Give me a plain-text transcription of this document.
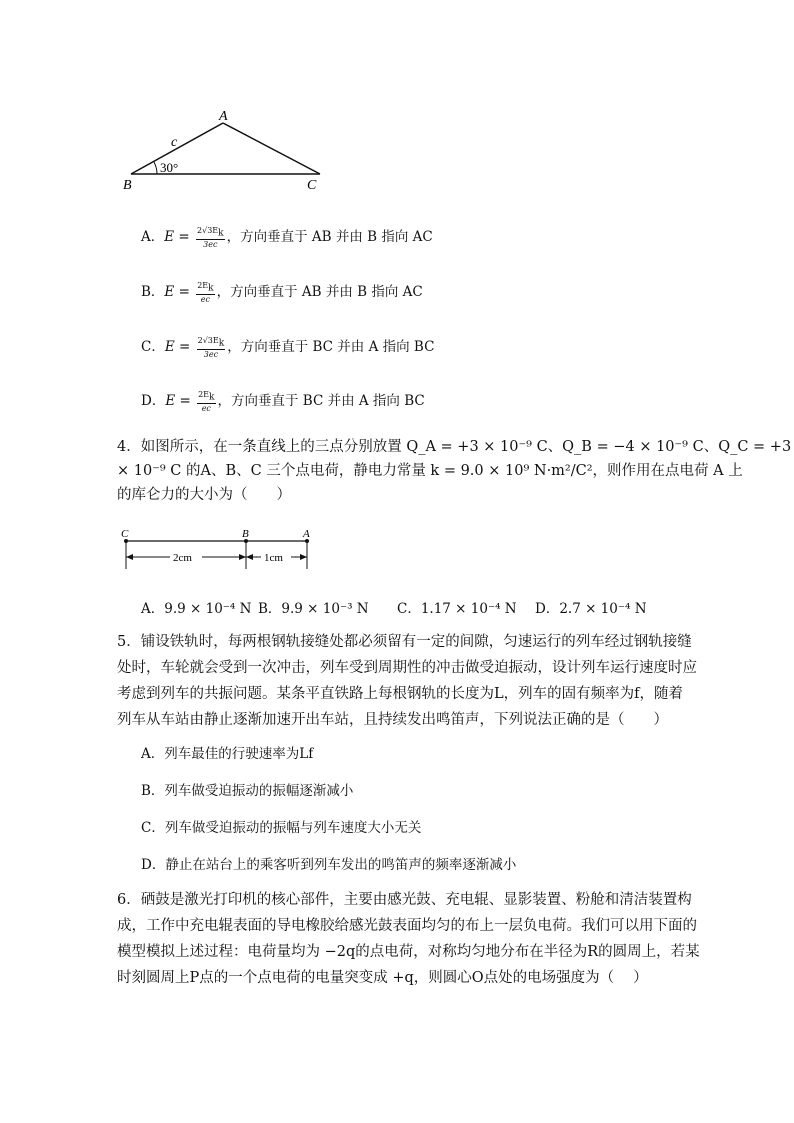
A
B	C
c
30°
A．$E = \frac{2√3E_k}{3ec}$ ，方向垂直于 AB 并由 B 指向 AC
B．$E = \frac{2E_k}{ec}$ ，方向垂直于 AB 并由 B 指向 AC
C．$E = \frac{2√3E_k}{3ec}$ ，方向垂直于 BC 并由 A 指向 BC
D．$E = \frac{2E_k}{ec}$ ，方向垂直于 BC 并由 A 指向 BC
4．如图所示，在一条直线上的三点分别放置 Q_A = +3 × 10⁻⁹ C、Q_B = −4 × 10⁻⁹ C、Q_C = +3
× 10⁻⁹ C 的A、B、C 三个点电荷，静电力常量 k = 9.0 × 10⁹ N·m²/C²，则作用在点电荷 A 上
的库仑力的大小为（　　）
C	B	A
2cm	1cm
A．9.9 × 10⁻⁴ N B．9.9 × 10⁻³ N C．1.17 × 10⁻⁴ N D．2.7 × 10⁻⁴ N
5．铺设铁轨时，每两根钢轨接缝处都必须留有一定的间隙，匀速运行的列车经过钢轨接缝
处时，车轮就会受到一次冲击，列车受到周期性的冲击做受迫振动，设计列车运行速度时应
考虑到列车的共振问题。某条平直铁路上每根钢轨的长度为L，列车的固有频率为f，随着
列车从车站由静止逐渐加速开出车站，且持续发出鸣笛声，下列说法正确的是（　　）
A．列车最佳的行驶速率为Lf
B．列车做受迫振动的振幅逐渐减小
C．列车做受迫振动的振幅与列车速度大小无关
D．静止在站台上的乘客听到列车发出的鸣笛声的频率逐渐减小
6．硒鼓是激光打印机的核心部件，主要由感光鼓、充电辊、显影装置、粉舱和清洁装置构
成，工作中充电辊表面的导电橡胶给感光鼓表面均匀的布上一层负电荷。我们可以用下面的
模型模拟上述过程：电荷量均为 −2q的点电荷，对称均匀地分布在半径为R的圆周上，若某
时刻圆周上P点的一个点电荷的电量突变成 +q，则圆心O点处的电场强度为（　 ）
